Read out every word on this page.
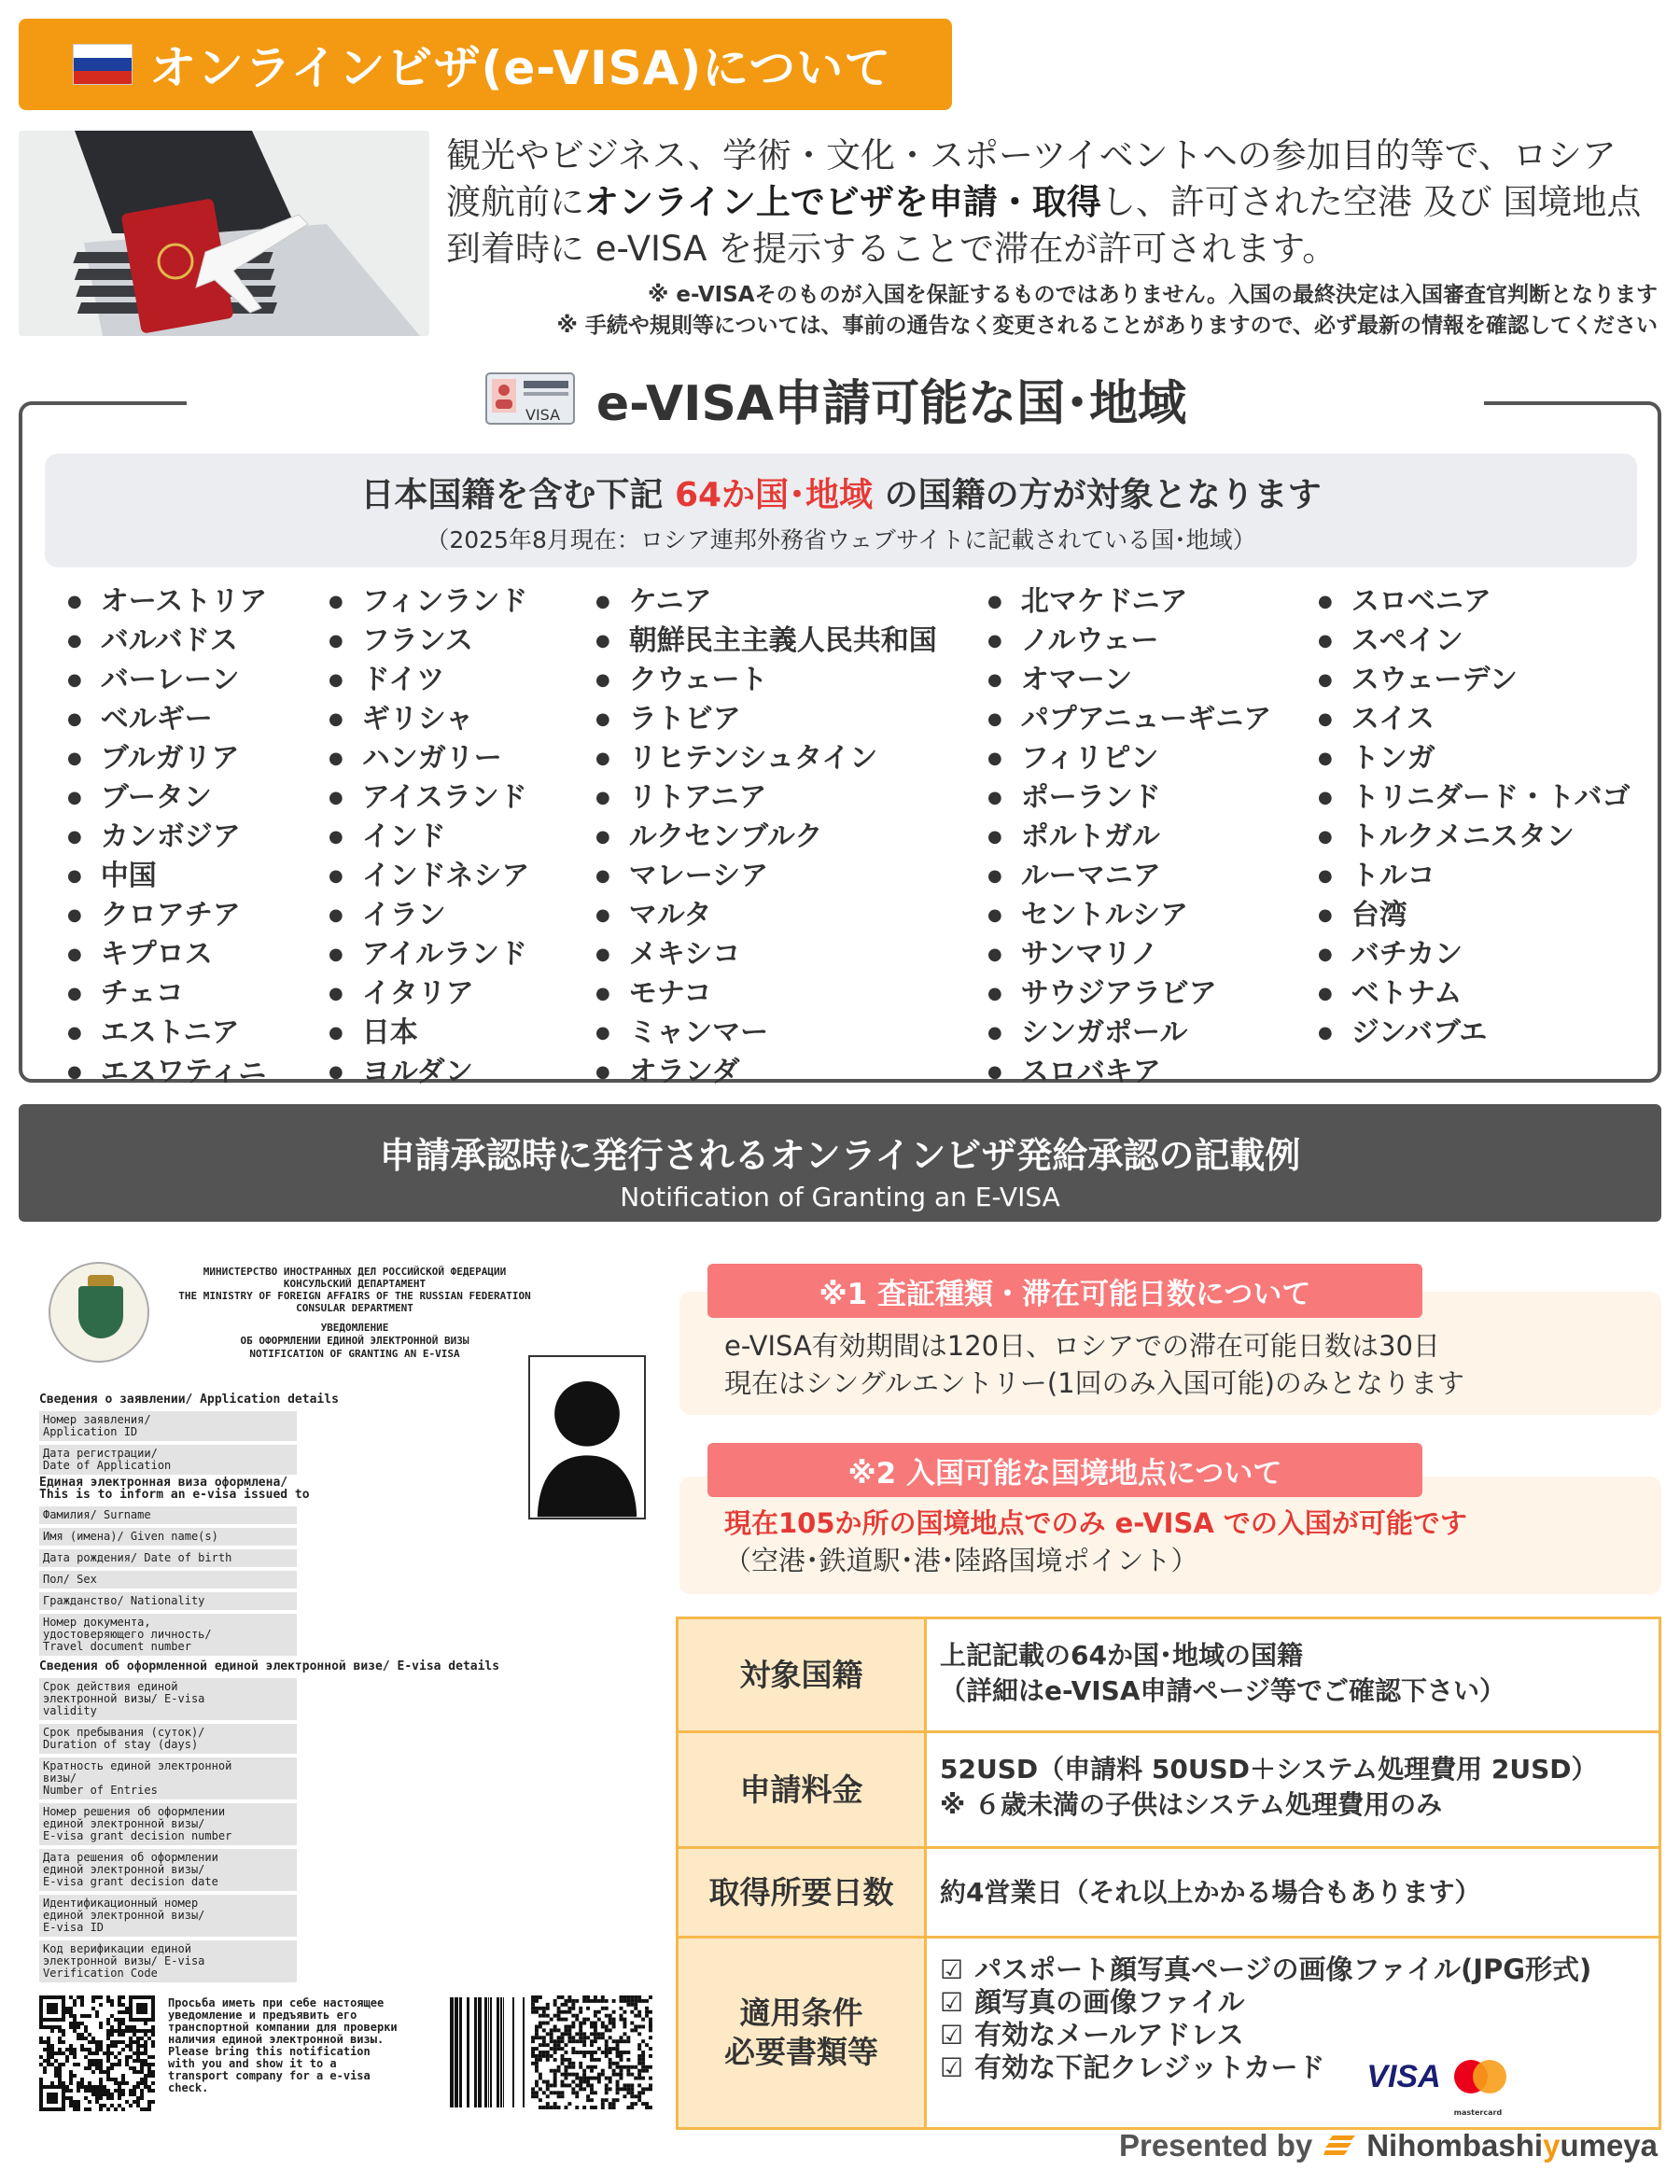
オンラインビザ(e-VISA)について
観光やビジネス、学術・文化・スポーツイベントへの参加目的等で、ロシア
渡航前にオンライン上でビザを申請・取得し、許可された空港 及び 国境地点
到着時に e-VISA を提示することで滞在が許可されます。
※ e-VISAそのものが入国を保証するものではありません。入国の最終決定は入国審査官判断となります
※ 手続や規則等については、事前の通告なく変更されることがありますので、必ず最新の情報を確認してください
VISA e-VISA申請可能な国･地域
日本国籍を含む下記 64か国･地域 の国籍の方が対象となります
（2025年8月現在：ロシア連邦外務省ウェブサイトに記載されている国･地域）
● オーストリア
● バルバドス
● バーレーン
● ベルギー
● ブルガリア
● ブータン
● カンボジア
● 中国
● クロアチア
● キプロス
● チェコ
● エストニア
● エスワティニ
● フィンランド
● フランス
● ドイツ
● ギリシャ
● ハンガリー
● アイスランド
● インド
● インドネシア
● イラン
● アイルランド
● イタリア
● 日本
● ヨルダン
● ケニア
● 朝鮮民主主義人民共和国
● クウェート
● ラトビア
● リヒテンシュタイン
● リトアニア
● ルクセンブルク
● マレーシア
● マルタ
● メキシコ
● モナコ
● ミャンマー
● オランダ
● 北マケドニア
● ノルウェー
● オマーン
● パプアニューギニア
● フィリピン
● ポーランド
● ポルトガル
● ルーマニア
● セントルシア
● サンマリノ
● サウジアラビア
● シンガポール
● スロバキア
● スロベニア
● スペイン
● スウェーデン
● スイス
● トンガ
● トリニダード・トバゴ
● トルクメニスタン
● トルコ
● 台湾
● バチカン
● ベトナム
● ジンバブエ
申請承認時に発行されるオンラインビザ発給承認の記載例
Notification of Granting an E-VISA
МИНИСТЕРСТВО ИНОСТРАННЫХ ДЕЛ РОССИЙСКОЙ ФЕДЕРАЦИИ
КОНСУЛЬСКИЙ ДЕПАРТАМЕНТ
THE MINISTRY OF FOREIGN AFFAIRS OF THE RUSSIAN FEDERATION
CONSULAR DEPARTMENT
УВЕДОМЛЕНИЕ
ОБ ОФОРМЛЕНИИ ЕДИНОЙ ЭЛЕКТРОННОЙ ВИЗЫ
NOTIFICATION OF GRANTING AN E-VISA
Сведения о заявлении/ Application details
Номер заявления/
Application ID
Дата регистрации/
Date of Application
Единая электронная виза оформлена/
This is to inform an e-visa issued to
Фамилия/ Surname
Имя (имена)/ Given name(s)
Дата рождения/ Date of birth
Пол/ Sex
Гражданство/ Nationality
Номер документа,
удостоверяющего личность/
Travel document number
Сведения об оформленной единой электронной визе/ E-visa details
Срок действия единой
электронной визы/ E-visa
validity
Срок пребывания (суток)/
Duration of stay (days)
Кратность единой электронной
визы/
Number of Entries
Номер решения об оформлении
единой электронной визы/
E-visa grant decision number
Дата решения об оформлении
единой электронной визы/
E-visa grant decision date
Идентификационный номер
единой электронной визы/
E-visa ID
Код верификации единой
электронной визы/ E-visa
Verification Code
Просьба иметь при себе настоящее
уведомление и предъявить его
транспортной компании для проверки
наличия единой электронной визы.
Please bring this notification
with you and show it to a
transport company for a e-visa
check.
※1 査証種類・滞在可能日数について
e-VISA有効期間は120日、ロシアでの滞在可能日数は30日
現在はシングルエントリー(1回のみ入国可能)のみとなります
※2 入国可能な国境地点について
現在105か所の国境地点でのみ e-VISA での入国が可能です
（空港･鉄道駅･港･陸路国境ポイント）
対象国籍
上記記載の64か国･地域の国籍
（詳細はe-VISA申請ページ等でご確認下さい）
申請料金
52USD（申請料 50USD＋システム処理費用 2USD）
※ ６歳未満の子供はシステム処理費用のみ
取得所要日数	約4営業日（それ以上かかる場合もあります）
適用条件
必要書類等
☑ パスポート顔写真ページの画像ファイル(JPG形式)
☑ 顔写真の画像ファイル
☑ 有効なメールアドレス
☑ 有効な下記クレジットカード	VISA
mastercard
Presented by Nihombashiyumeya
